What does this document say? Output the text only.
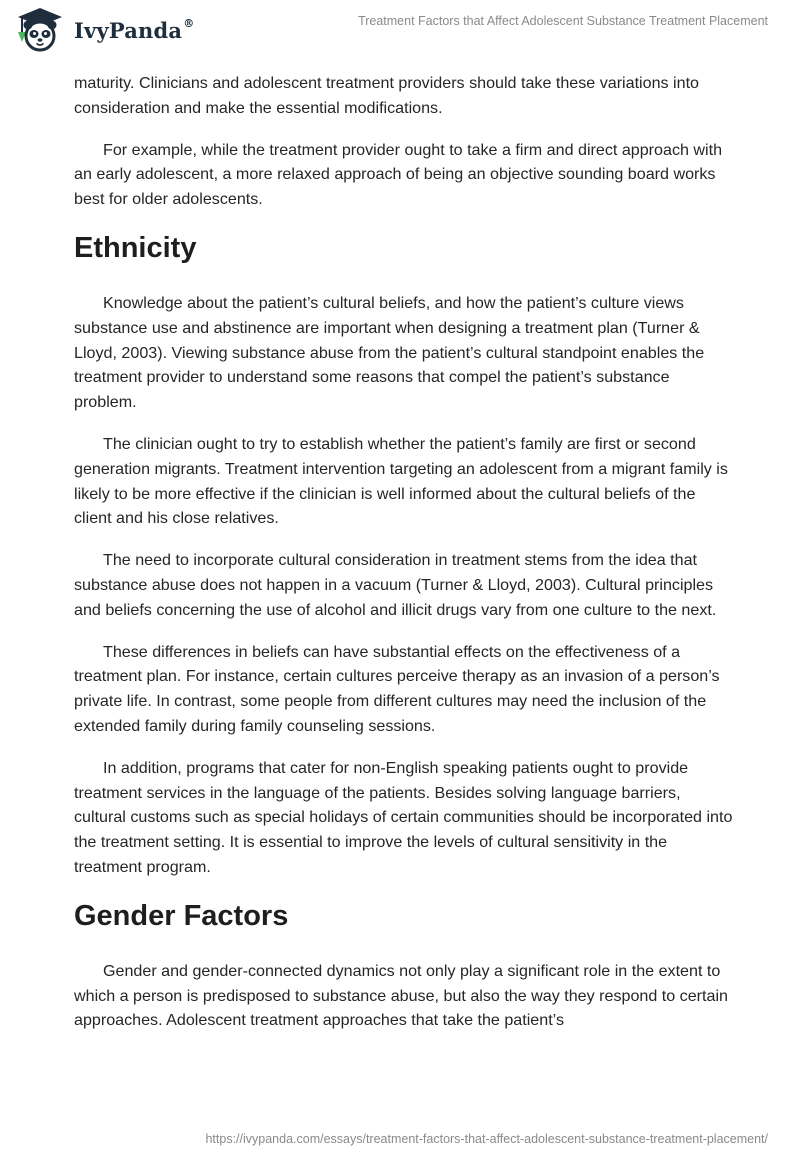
IvyPanda®	Treatment Factors that Affect Adolescent Substance Treatment Placement

maturity. Clinicians and adolescent treatment providers should take these variations into consideration and make the essential modifications.

For example, while the treatment provider ought to take a firm and direct approach with an early adolescent, a more relaxed approach of being an objective sounding board works best for older adolescents.

Ethnicity

Knowledge about the patient’s cultural beliefs, and how the patient’s culture views substance use and abstinence are important when designing a treatment plan (Turner & Lloyd, 2003). Viewing substance abuse from the patient’s cultural standpoint enables the treatment provider to understand some reasons that compel the patient’s substance problem.

The clinician ought to try to establish whether the patient’s family are first or second generation migrants. Treatment intervention targeting an adolescent from a migrant family is likely to be more effective if the clinician is well informed about the cultural beliefs of the client and his close relatives.

The need to incorporate cultural consideration in treatment stems from the idea that substance abuse does not happen in a vacuum (Turner & Lloyd, 2003). Cultural principles and beliefs concerning the use of alcohol and illicit drugs vary from one culture to the next.

These differences in beliefs can have substantial effects on the effectiveness of a treatment plan. For instance, certain cultures perceive therapy as an invasion of a person’s private life. In contrast, some people from different cultures may need the inclusion of the extended family during family counseling sessions.

In addition, programs that cater for non-English speaking patients ought to provide treatment services in the language of the patients. Besides solving language barriers, cultural customs such as special holidays of certain communities should be incorporated into the treatment setting. It is essential to improve the levels of cultural sensitivity in the treatment program.

Gender Factors

Gender and gender-connected dynamics not only play a significant role in the extent to which a person is predisposed to substance abuse, but also the way they respond to certain approaches. Adolescent treatment approaches that take the patient’s

https://ivypanda.com/essays/treatment-factors-that-affect-adolescent-substance-treatment-placement/
